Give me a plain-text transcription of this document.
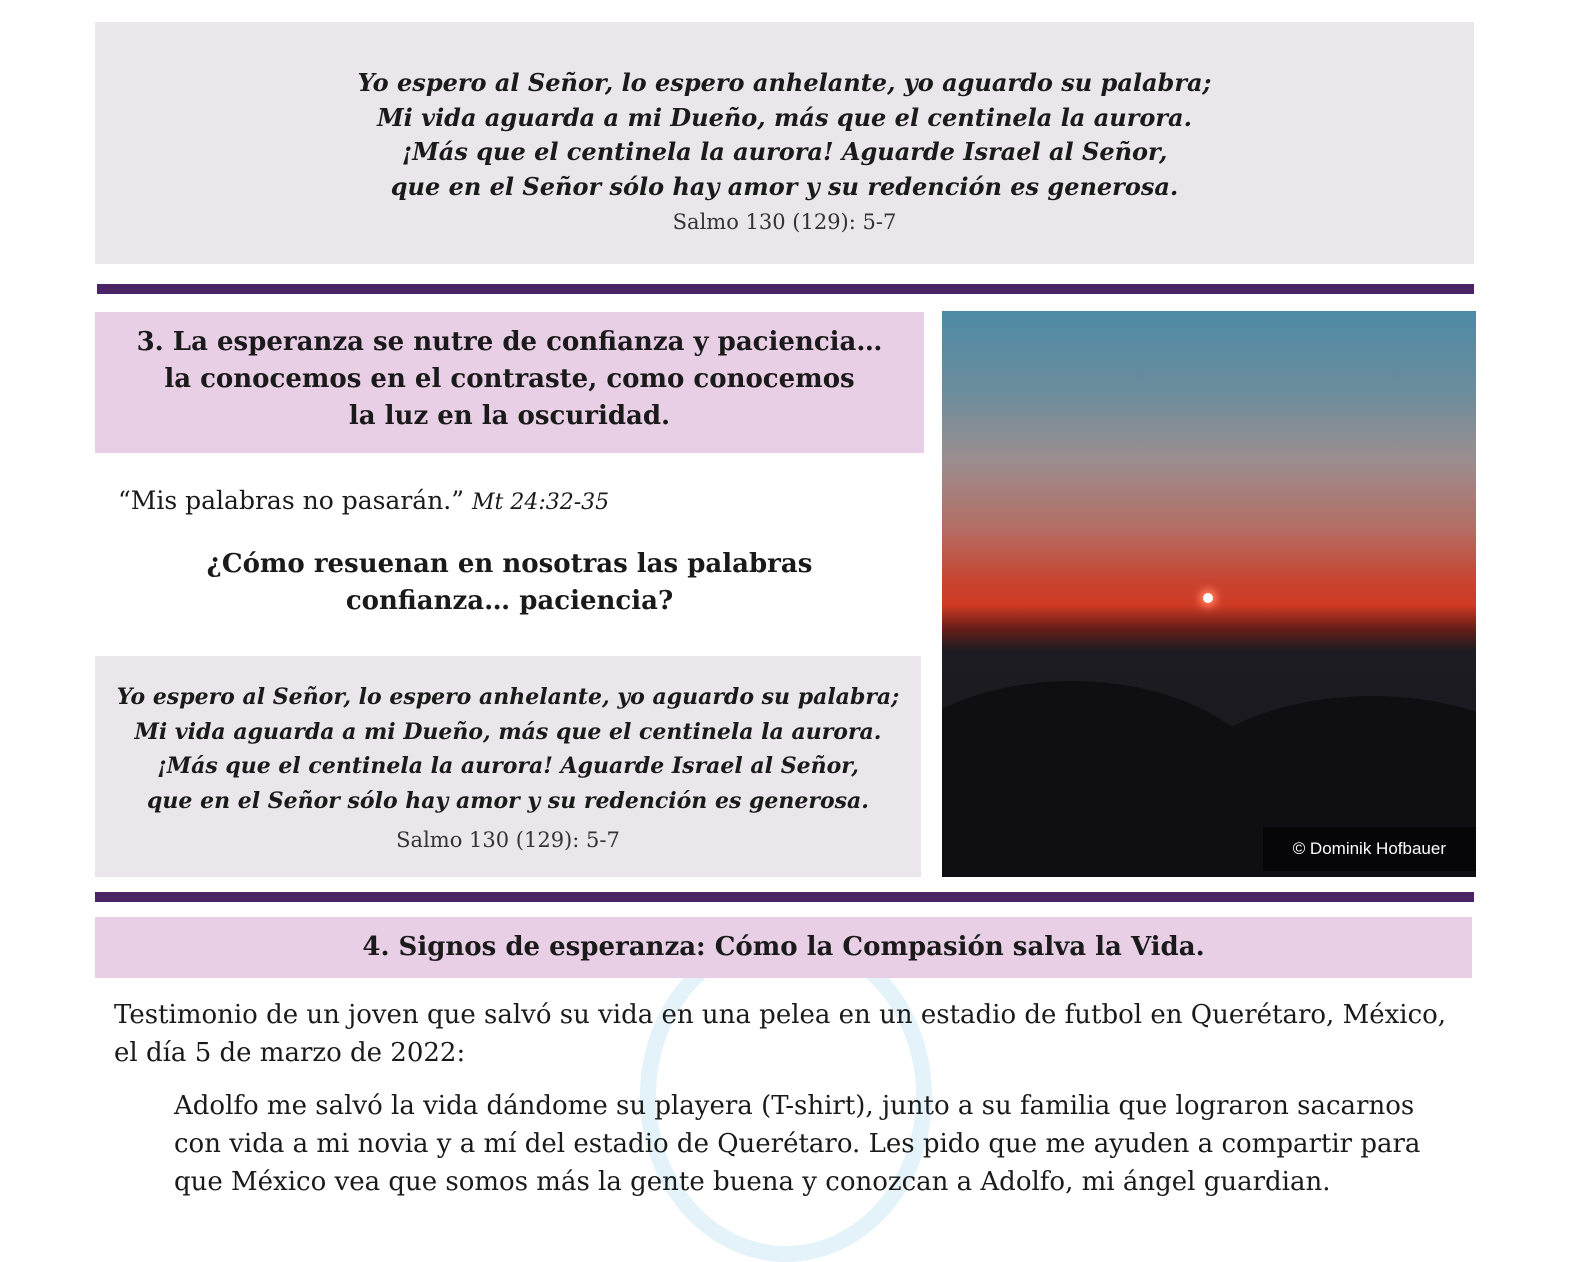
Yo espero al Señor, lo espero anhelante, yo aguardo su palabra;
Mi vida aguarda a mi Dueño, más que el centinela la aurora.
¡Más que el centinela la aurora! Aguarde Israel al Señor,
que en el Señor sólo hay amor y su redención es generosa.
Salmo 130 (129): 5-7
3. La esperanza se nutre de confianza y paciencia…
la conocemos en el contraste, como conocemos
la luz en la oscuridad.
“Mis palabras no pasarán.” Mt 24:32-35
¿Cómo resuenan en nosotras las palabras
confianza… paciencia?
Yo espero al Señor, lo espero anhelante, yo aguardo su palabra;
Mi vida aguarda a mi Dueño, más que el centinela la aurora.
¡Más que el centinela la aurora! Aguarde Israel al Señor,
que en el Señor sólo hay amor y su redención es generosa.
Salmo 130 (129): 5-7	© Dominik Hofbauer
4. Signos de esperanza: Cómo la Compasión salva la Vida.
Testimonio de un joven que salvó su vida en una pelea en un estadio de futbol en Querétaro, México, el día 5 de marzo de 2022:
Adolfo me salvó la vida dándome su playera (T-shirt), junto a su familia que lograron sacarnos con vida a mi novia y a mí del estadio de Querétaro. Les pido que me ayuden a compartir para que México vea que somos más la gente buena y conozcan a Adolfo, mi ángel guardian.
